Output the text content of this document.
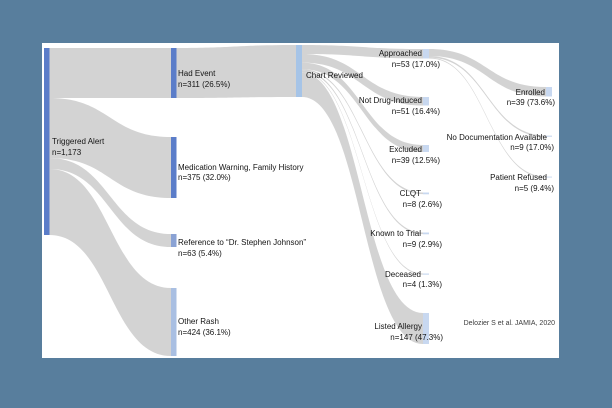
Triggered Alert
n=1,173
Had Event
n=311 (26.5%)
Medication Warning, Family History
n=375 (32.0%)
Reference to “Dr. Stephen Johnson”
n=63 (5.4%)
Other Rash
n=424 (36.1%)
Chart Reviewed
Approached
n=53 (17.0%)
Not Drug-Induced
n=51 (16.4%)
Excluded
n=39 (12.5%)
CLQT
n=8 (2.6%)
Known to Trial
n=9 (2.9%)
Deceased
n=4 (1.3%)
Listed Allergy
n=147 (47.3%)
Enrolled
n=39 (73.6%)
No Documentation Available
n=9 (17.0%)
Patient Refused
n=5 (9.4%)
Delozier S et al. JAMIA, 2020
